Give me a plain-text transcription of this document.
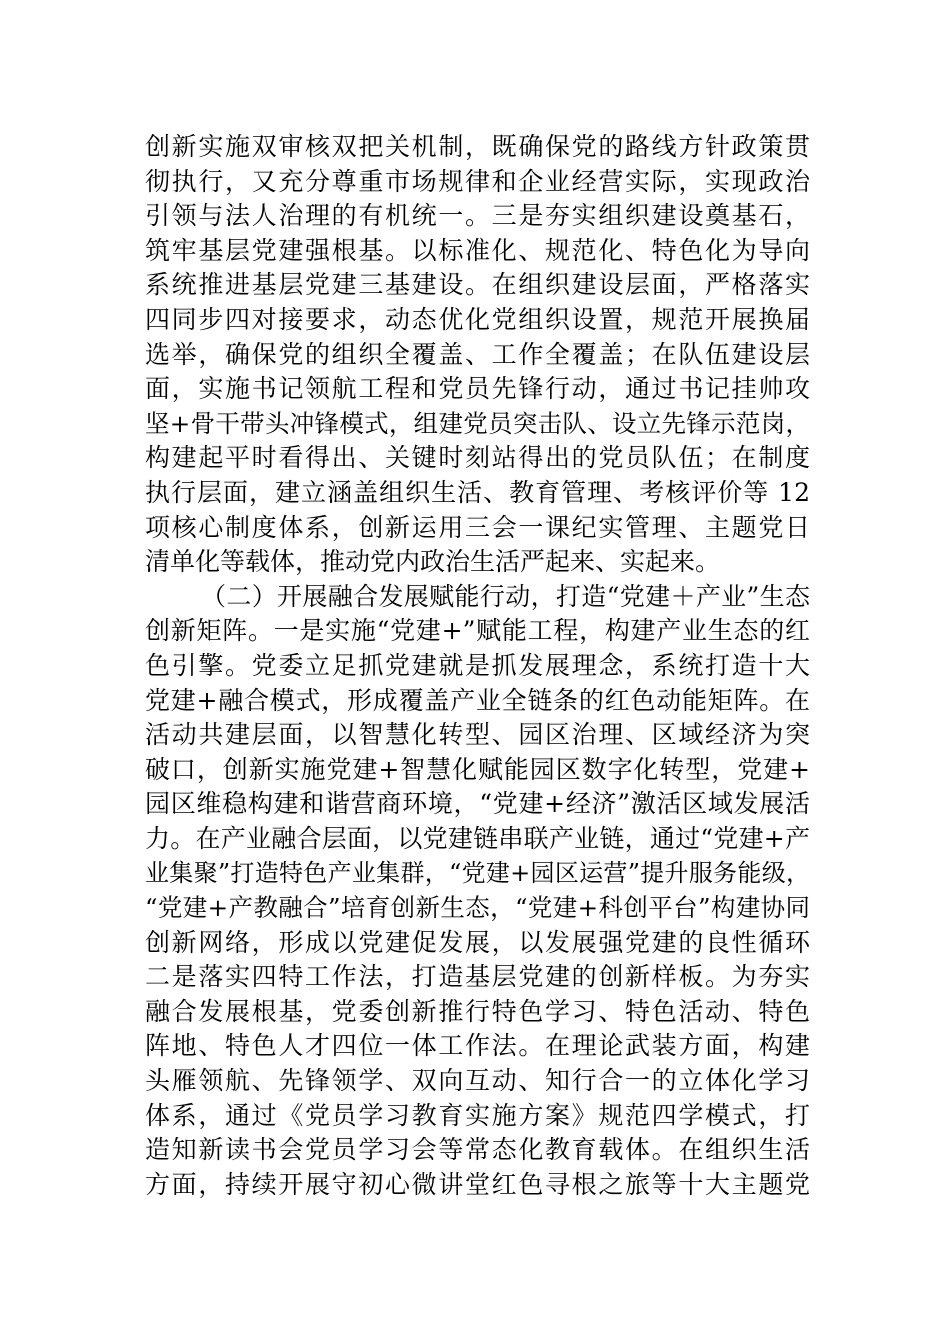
创新实施双审核双把关机制，既确保党的路线方针政策贯
彻执行，又充分尊重市场规律和企业经营实际，实现政治
引领与法人治理的有机统一。三是夯实组织建设奠基石，
筑牢基层党建强根基。以标准化、规范化、特色化为导向
系统推进基层党建三基建设。在组织建设层面，严格落实
四同步四对接要求，动态优化党组织设置，规范开展换届
选举，确保党的组织全覆盖、工作全覆盖；在队伍建设层
面，实施书记领航工程和党员先锋行动，通过书记挂帅攻
坚+骨干带头冲锋模式，组建党员突击队、设立先锋示范岗，
构建起平时看得出、关键时刻站得出的党员队伍；在制度
执行层面，建立涵盖组织生活、教育管理、考核评价等 12
项核心制度体系，创新运用三会一课纪实管理、主题党日
清单化等载体，推动党内政治生活严起来、实起来。
（二）开展融合发展赋能行动，打造“党建＋产业”生态
创新矩阵。一是实施“党建+”赋能工程，构建产业生态的红
色引擎。党委立足抓党建就是抓发展理念，系统打造十大
党建+融合模式，形成覆盖产业全链条的红色动能矩阵。在
活动共建层面，以智慧化转型、园区治理、区域经济为突
破口，创新实施党建+智慧化赋能园区数字化转型，党建+
园区维稳构建和谐营商环境，“党建+经济”激活区域发展活
力。在产业融合层面，以党建链串联产业链，通过“党建+产
业集聚”打造特色产业集群，“党建+园区运营”提升服务能级，
“党建+产教融合”培育创新生态，“党建+科创平台”构建协同
创新网络，形成以党建促发展，以发展强党建的良性循环
二是落实四特工作法，打造基层党建的创新样板。为夯实
融合发展根基，党委创新推行特色学习、特色活动、特色
阵地、特色人才四位一体工作法。在理论武装方面，构建
头雁领航、先锋领学、双向互动、知行合一的立体化学习
体系，通过《党员学习教育实施方案》规范四学模式，打
造知新读书会党员学习会等常态化教育载体。在组织生活
方面，持续开展守初心微讲堂红色寻根之旅等十大主题党
